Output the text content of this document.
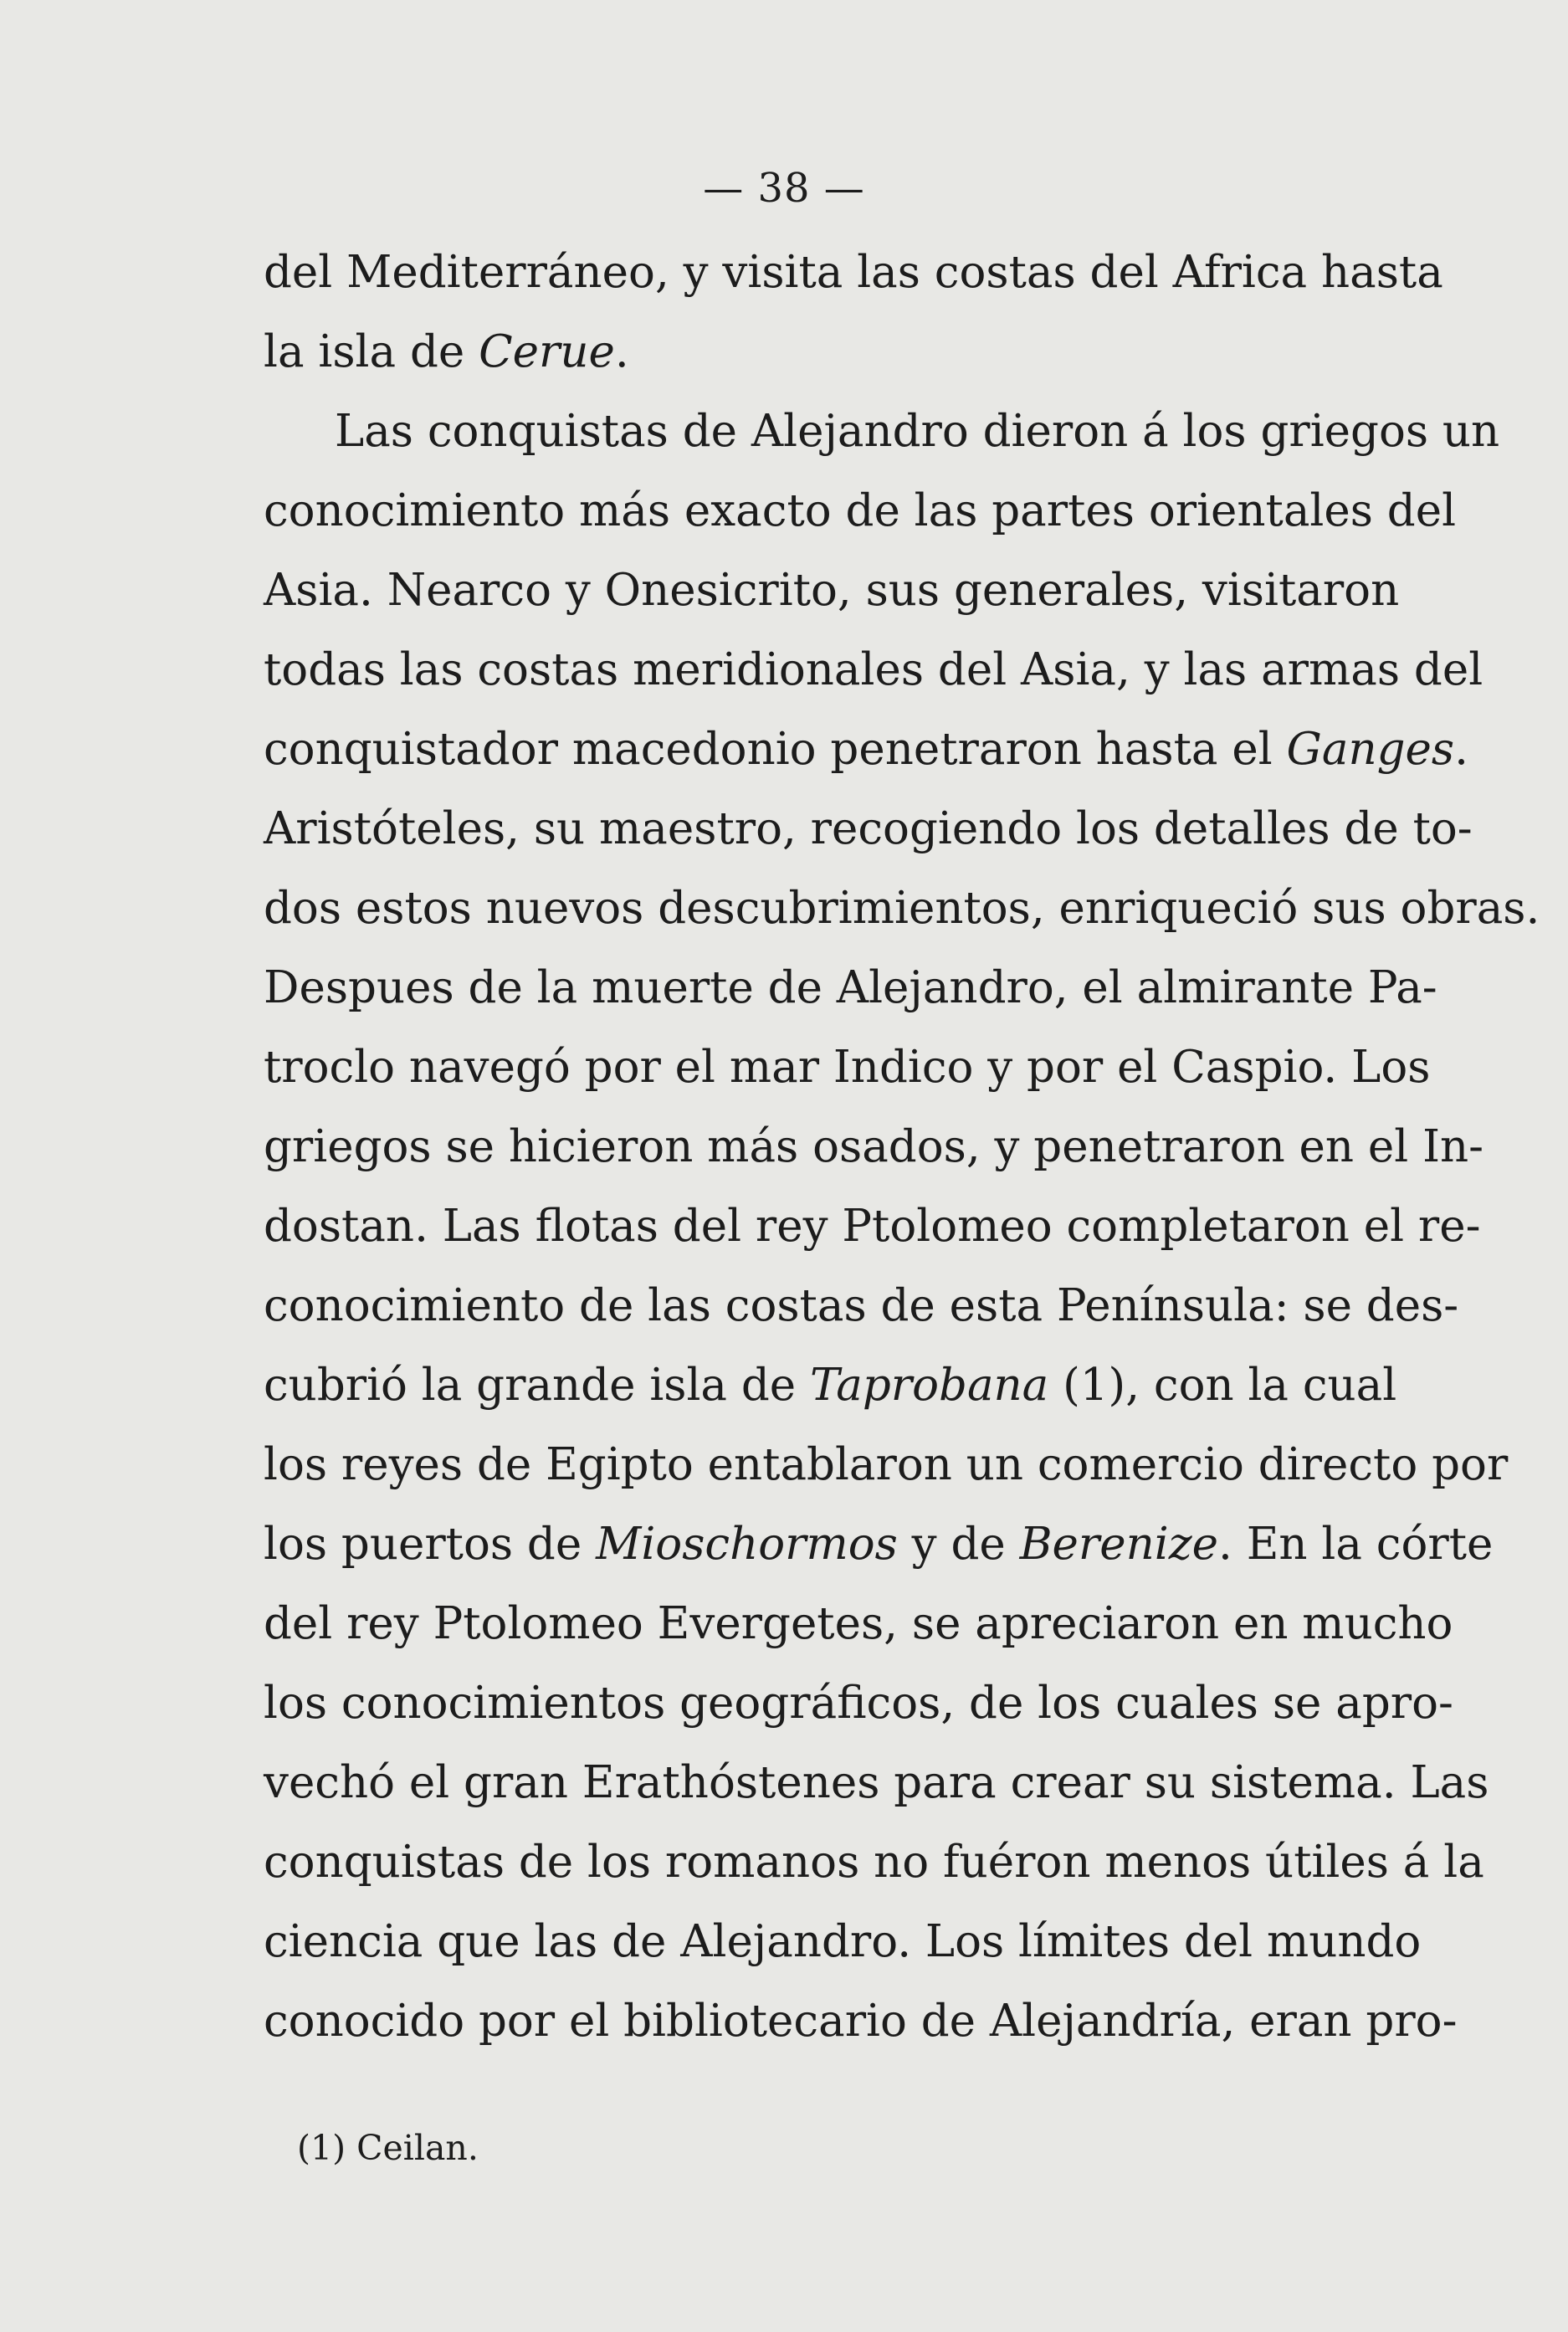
— 38 —
del Mediterráneo, y visita las costas del Africa hasta
la isla de Cerue.
Las conquistas de Alejandro dieron á los griegos un
conocimiento más exacto de las partes orientales del
Asia. Nearco y Onesicrito, sus generales, visitaron
todas las costas meridionales del Asia, y las armas del
conquistador macedonio penetraron hasta el Ganges.
Aristóteles, su maestro, recogiendo los detalles de to-
dos estos nuevos descubrimientos, enriqueció sus obras.
Despues de la muerte de Alejandro, el almirante Pa-
troclo navegó por el mar Indico y por el Caspio. Los
griegos se hicieron más osados, y penetraron en el In-
dostan. Las flotas del rey Ptolomeo completaron el re-
conocimiento de las costas de esta Península: se des-
cubrió la grande isla de Taprobana (1), con la cual
los reyes de Egipto entablaron un comercio directo por
los puertos de Mioschormos y de Berenize. En la córte
del rey Ptolomeo Evergetes, se apreciaron en mucho
los conocimientos geográficos, de los cuales se apro-
vechó el gran Erathóstenes para crear su sistema. Las
conquistas de los romanos no fuéron menos útiles á la
ciencia que las de Alejandro. Los límites del mundo
conocido por el bibliotecario de Alejandría, eran pro-
(1) Ceilan.
